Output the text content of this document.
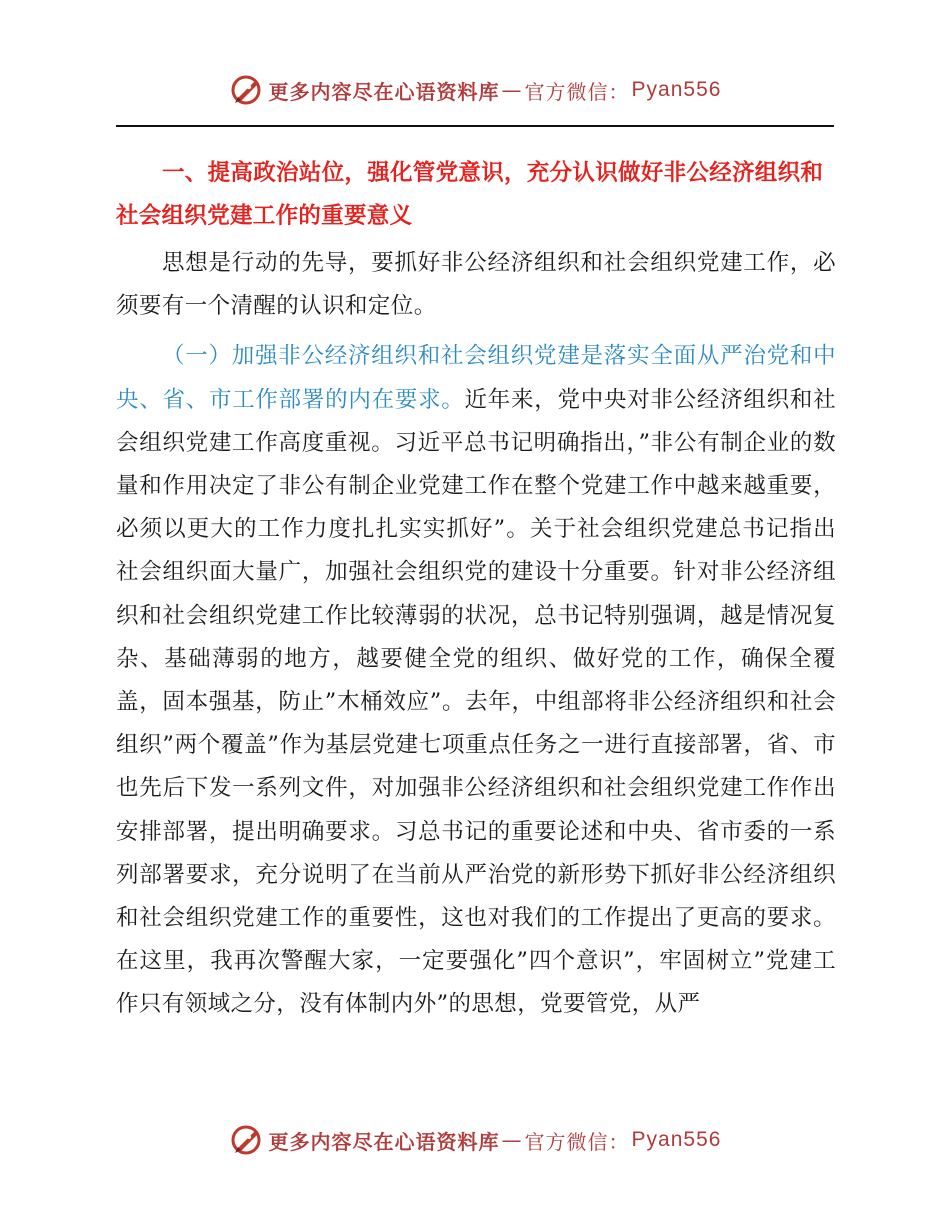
更多内容尽在心语资料库 — 官方微信： Pyan556

一、提高政治站位，强化管党意识，充分认识做好非公经济组织和社会组织党建工作的重要意义

思想是行动的先导，要抓好非公经济组织和社会组织党建工作，必须要有一个清醒的认识和定位。

（一）加强非公经济组织和社会组织党建是落实全面从严治党和中央、省、市工作部署的内在要求。近年来，党中央对非公经济组织和社会组织党建工作高度重视。习近平总书记明确指出，”非公有制企业的数量和作用决定了非公有制企业党建工作在整个党建工作中越来越重要，必须以更大的工作力度扎扎实实抓好”。关于社会组织党建总书记指出社会组织面大量广，加强社会组织党的建设十分重要。针对非公经济组织和社会组织党建工作比较薄弱的状况，总书记特别强调，越是情况复杂、基础薄弱的地方，越要健全党的组织、做好党的工作，确保全覆盖，固本强基，防止”木桶效应”。去年，中组部将非公经济组织和社会组织”两个覆盖”作为基层党建七项重点任务之一进行直接部署，省、市也先后下发一系列文件，对加强非公经济组织和社会组织党建工作作出安排部署，提出明确要求。习总书记的重要论述和中央、省市委的一系列部署要求，充分说明了在当前从严治党的新形势下抓好非公经济组织和社会组织党建工作的重要性，这也对我们的工作提出了更高的要求。在这里，我再次警醒大家，一定要强化”四个意识”，牢固树立”党建工作只有领域之分，没有体制内外”的思想，党要管党，从严

更多内容尽在心语资料库 — 官方微信： Pyan556
